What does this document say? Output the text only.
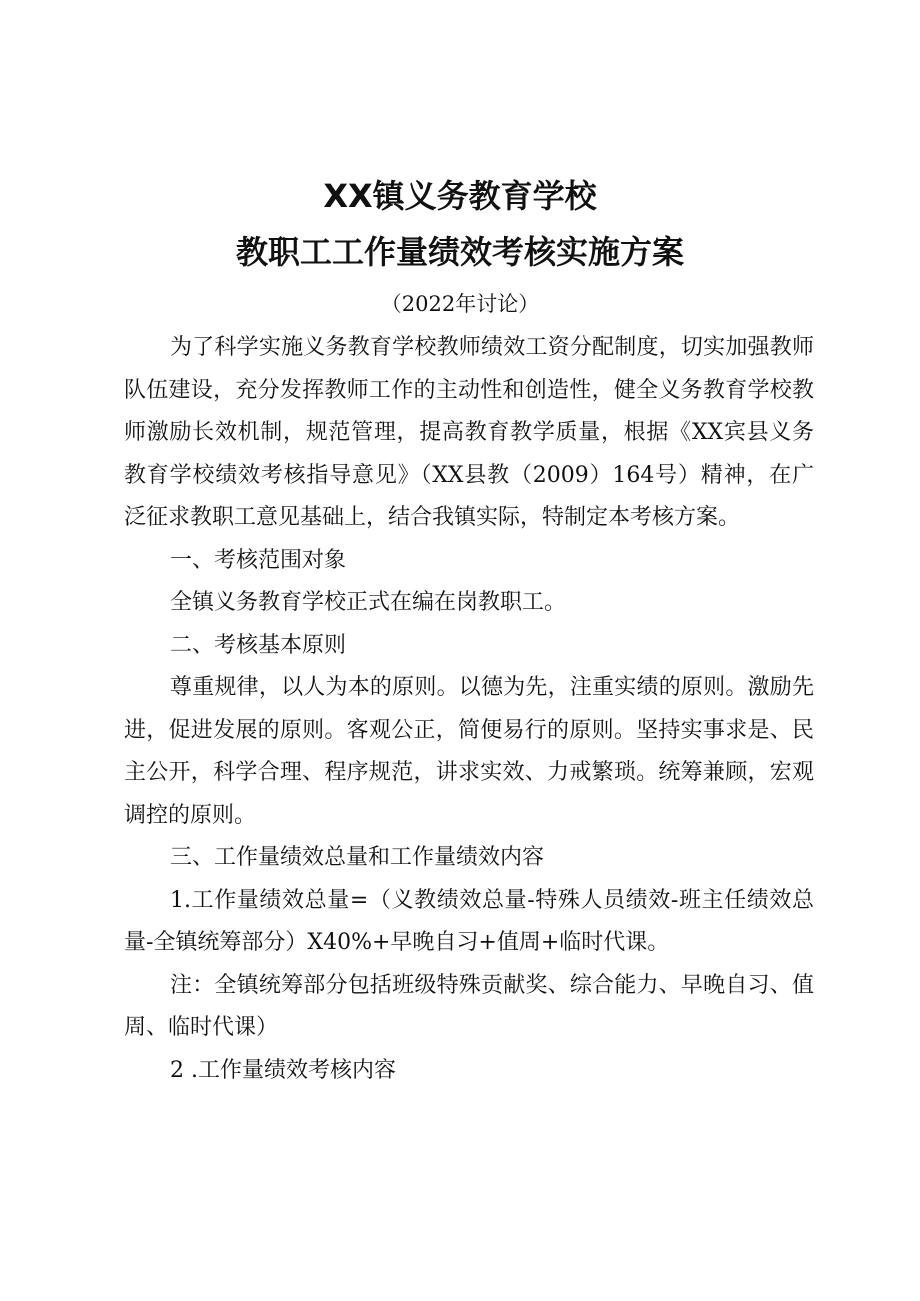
XX镇义务教育学校
教职工工作量绩效考核实施方案
（2022年讨论）

为了科学实施义务教育学校教师绩效工资分配制度，切实加强教师队伍建设，充分发挥教师工作的主动性和创造性，健全义务教育学校教师激励长效机制，规范管理，提高教育教学质量，根据《XX宾县义务教育学校绩效考核指导意见》（XX县教（2009）164号）精神，在广泛征求教职工意见基础上，结合我镇实际，特制定本考核方案。

一、考核范围对象

全镇义务教育学校正式在编在岗教职工。

二、考核基本原则

尊重规律，以人为本的原则。以德为先，注重实绩的原则。激励先进，促进发展的原则。客观公正，简便易行的原则。坚持实事求是、民主公开，科学合理、程序规范，讲求实效、力戒繁琐。统筹兼顾，宏观调控的原则。

三、工作量绩效总量和工作量绩效内容

1.工作量绩效总量=（义教绩效总量-特殊人员绩效-班主任绩效总量-全镇统筹部分）X40%+早晚自习+值周+临时代课。

注：全镇统筹部分包括班级特殊贡献奖、综合能力、早晚自习、值周、临时代课）

2 .工作量绩效考核内容
